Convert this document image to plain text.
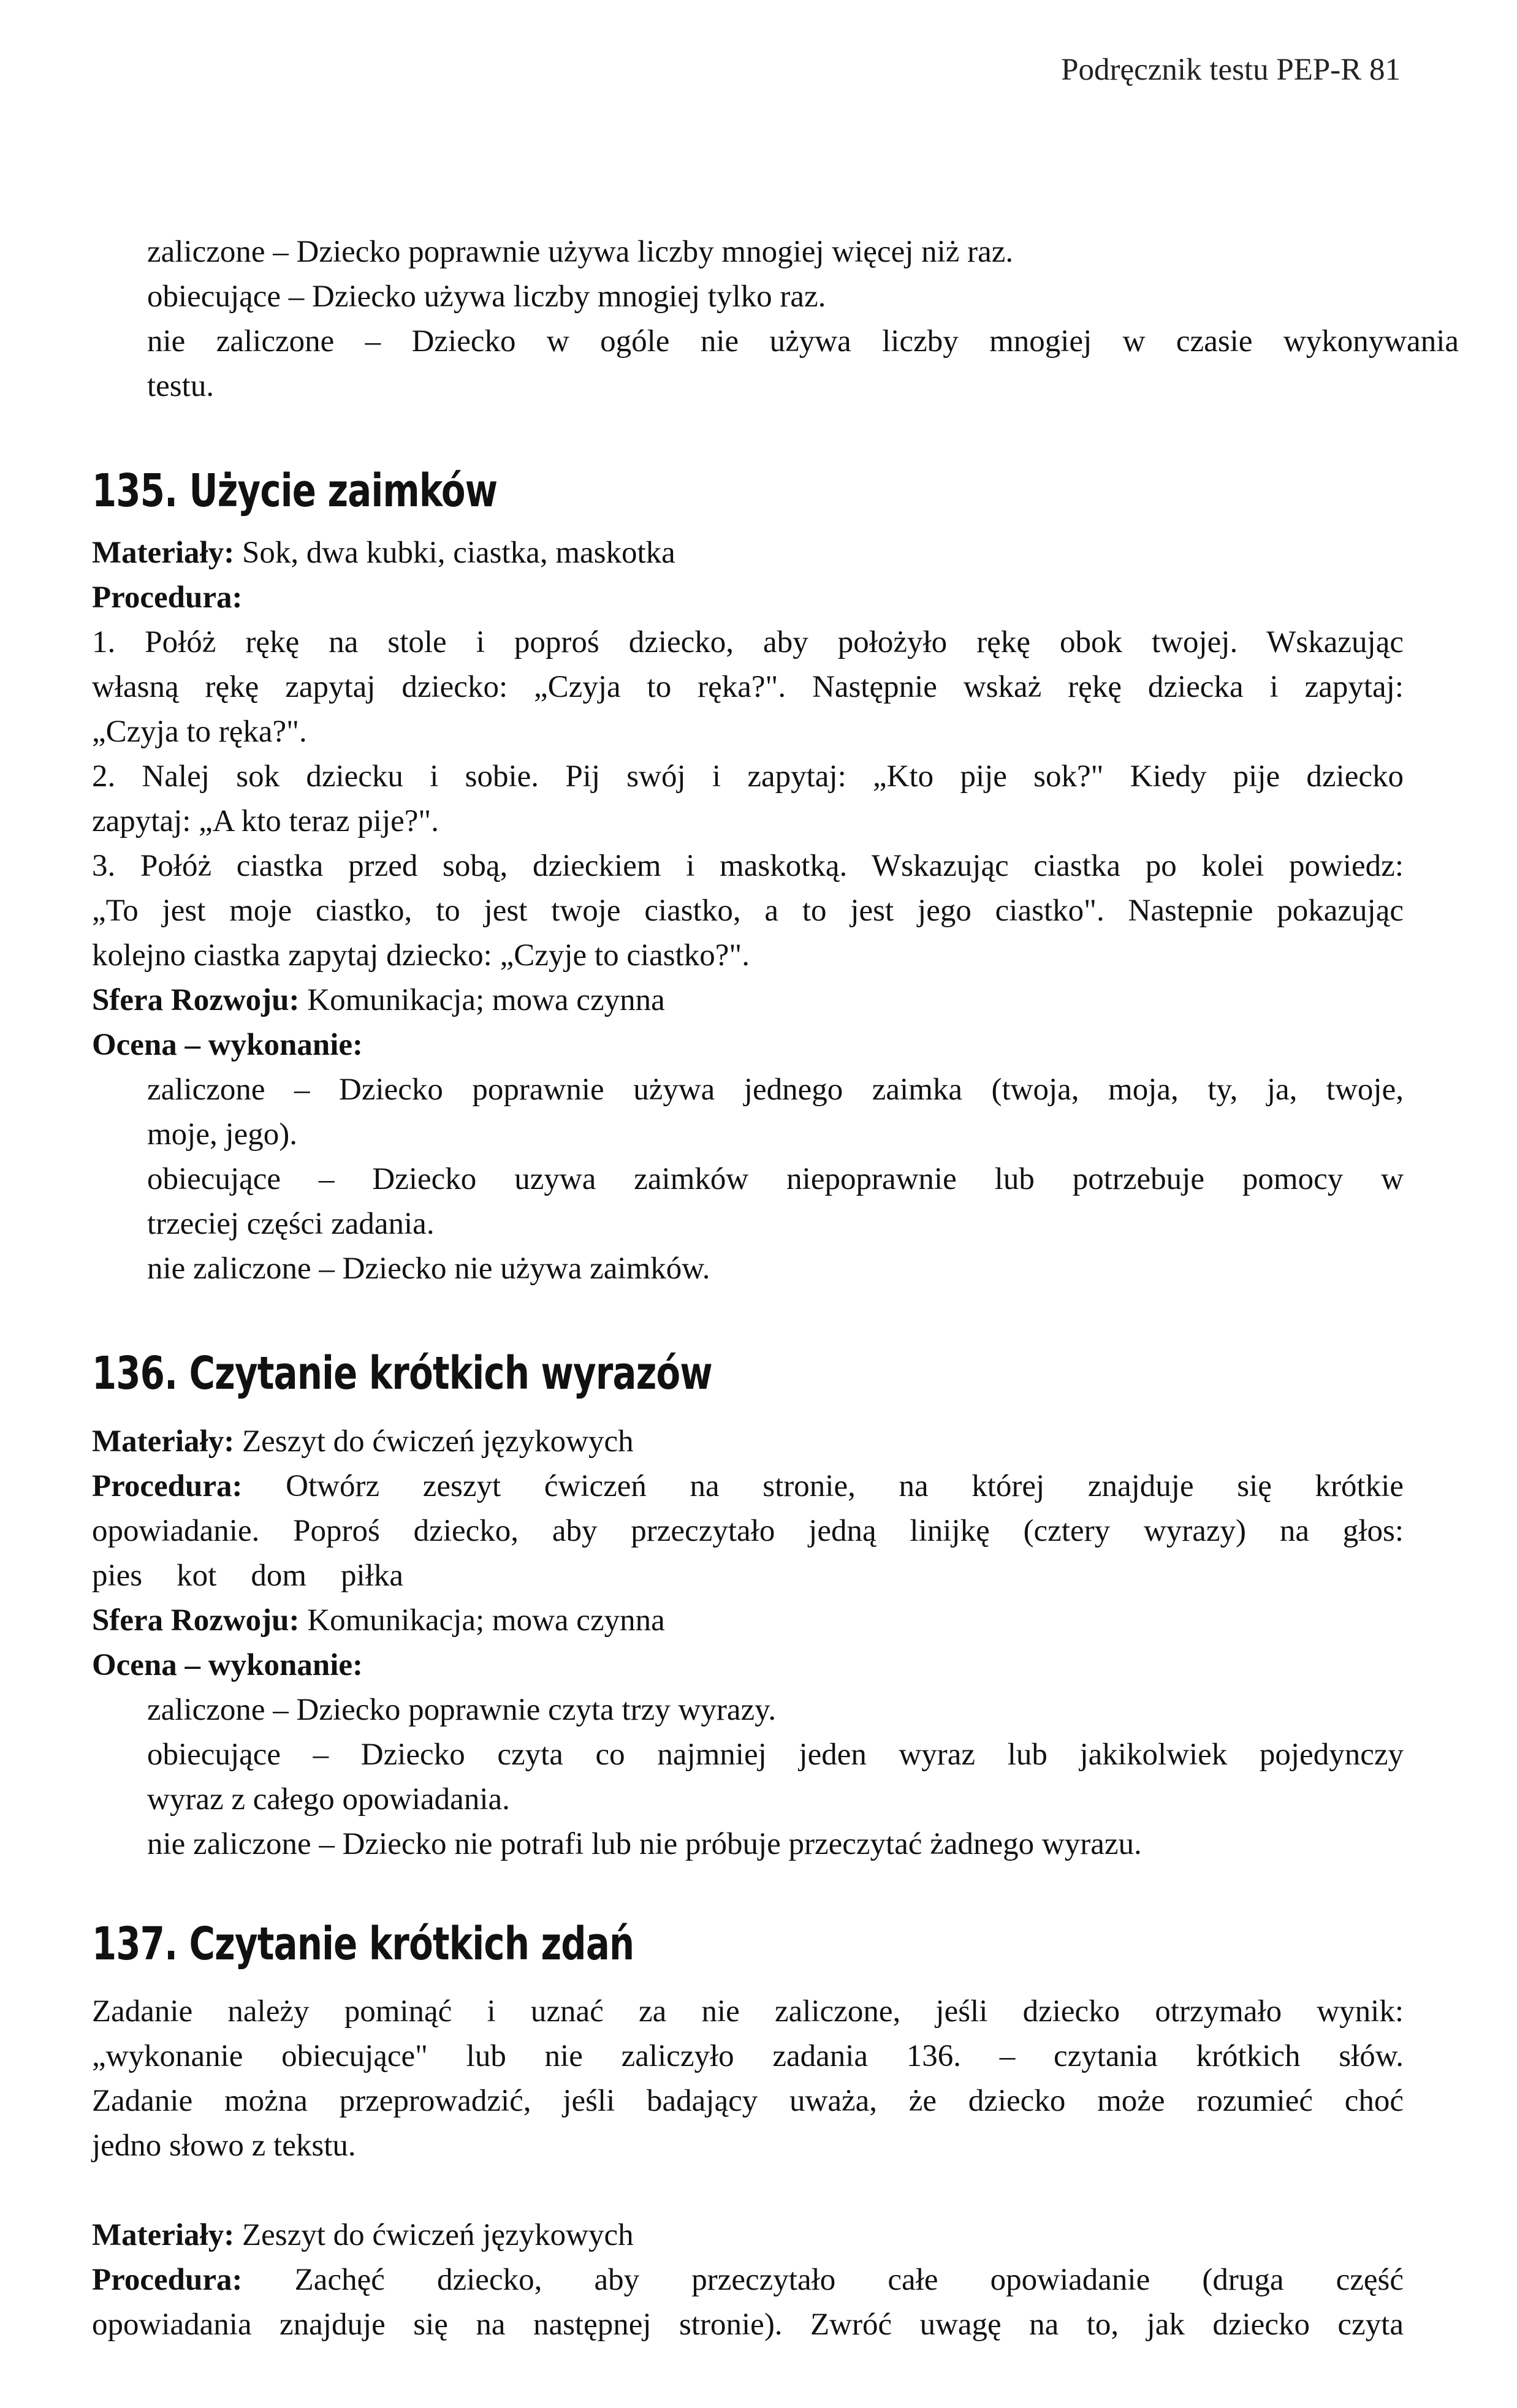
Podręcznik testu PEP-R 81
zaliczone – Dziecko poprawnie używa liczby mnogiej więcej niż raz.
obiecujące – Dziecko używa liczby mnogiej tylko raz.
nie zaliczone – Dziecko w ogóle nie używa liczby mnogiej w czasie wykonywania
testu.
135. Użycie zaimków
Materiały: Sok, dwa kubki, ciastka, maskotka
Procedura:
1. Połóż rękę na stole i poproś dziecko, aby położyło rękę obok twojej. Wskazując
własną rękę zapytaj dziecko: „Czyja to ręka?". Następnie wskaż rękę dziecka i zapytaj:
„Czyja to ręka?".
2. Nalej sok dziecku i sobie. Pij swój i zapytaj: „Kto pije sok?" Kiedy pije dziecko
zapytaj: „A kto teraz pije?".
3. Połóż ciastka przed sobą, dzieckiem i maskotką. Wskazując ciastka po kolei powiedz:
„To jest moje ciastko, to jest twoje ciastko, a to jest jego ciastko". Nastepnie pokazując
kolejno ciastka zapytaj dziecko: „Czyje to ciastko?".
Sfera Rozwoju: Komunikacja; mowa czynna
Ocena – wykonanie:
zaliczone – Dziecko poprawnie używa jednego zaimka (twoja, moja, ty, ja, twoje,
moje, jego).
obiecujące – Dziecko uzywa zaimków niepoprawnie lub potrzebuje pomocy w
trzeciej części zadania.
nie zaliczone – Dziecko nie używa zaimków.
136. Czytanie krótkich wyrazów
Materiały: Zeszyt do ćwiczeń językowych
Procedura: Otwórz zeszyt ćwiczeń na stronie, na której znajduje się krótkie
opowiadanie. Poproś dziecko, aby przeczytało jedną linijkę (cztery wyrazy) na głos:
pies kot dom piłka
Sfera Rozwoju: Komunikacja; mowa czynna
Ocena – wykonanie:
zaliczone – Dziecko poprawnie czyta trzy wyrazy.
obiecujące – Dziecko czyta co najmniej jeden wyraz lub jakikolwiek pojedynczy
wyraz z całego opowiadania.
nie zaliczone – Dziecko nie potrafi lub nie próbuje przeczytać żadnego wyrazu.
137. Czytanie krótkich zdań
Zadanie należy pominąć i uznać za nie zaliczone, jeśli dziecko otrzymało wynik:
„wykonanie obiecujące" lub nie zaliczyło zadania 136. – czytania krótkich słów.
Zadanie można przeprowadzić, jeśli badający uważa, że dziecko może rozumieć choć
jedno słowo z tekstu.
Materiały: Zeszyt do ćwiczeń językowych
Procedura: Zachęć dziecko, aby przeczytało całe opowiadanie (druga część
opowiadania znajduje się na następnej stronie). Zwróć uwagę na to, jak dziecko czyta
